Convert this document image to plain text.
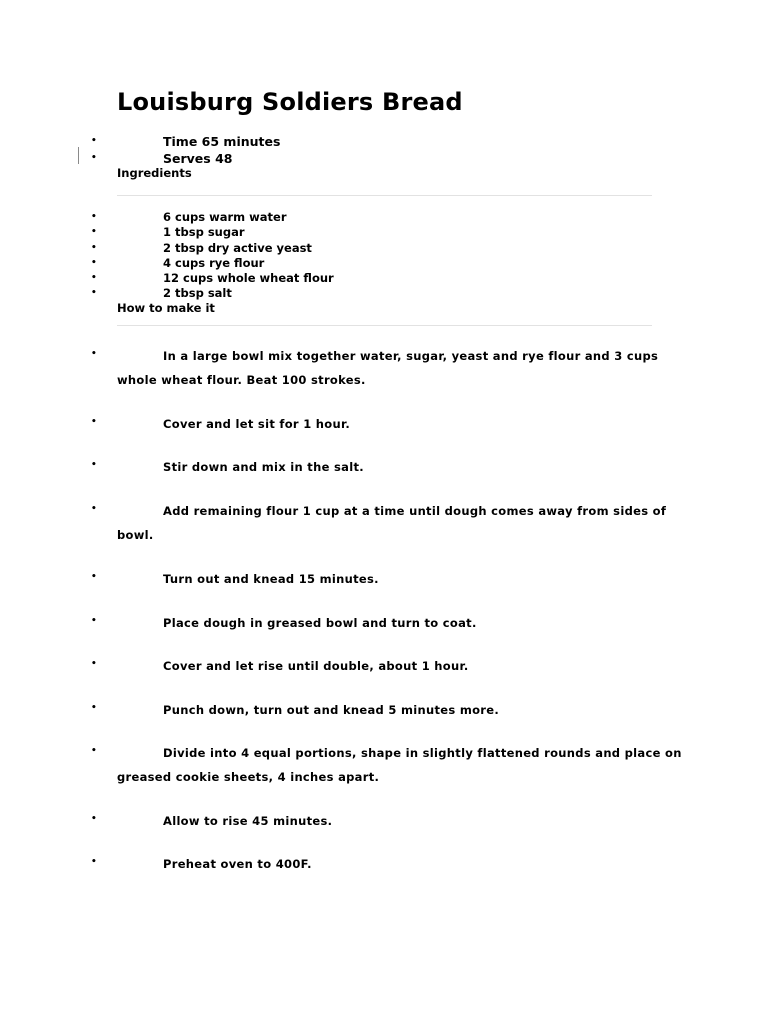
Louisburg Soldiers Bread
•	Time 65 minutes
•	Serves 48

Ingredients

•	6 cups warm water
•	1 tbsp sugar
•	2 tbsp dry active yeast
•	4 cups rye flour
•	12 cups whole wheat flour
•	2 tbsp salt

How to make it

•	In a large bowl mix together water, sugar, yeast and rye flour and 3 cups
whole wheat flour. Beat 100 strokes.
•	Cover and let sit for 1 hour.
•	Stir down and mix in the salt.
•	Add remaining flour 1 cup at a time until dough comes away from sides of
bowl.
•	Turn out and knead 15 minutes.
•	Place dough in greased bowl and turn to coat.
•	Cover and let rise until double, about 1 hour.
•	Punch down, turn out and knead 5 minutes more.
•	Divide into 4 equal portions, shape in slightly flattened rounds and place on
greased cookie sheets, 4 inches apart.
•	Allow to rise 45 minutes.
•	Preheat oven to 400F.
